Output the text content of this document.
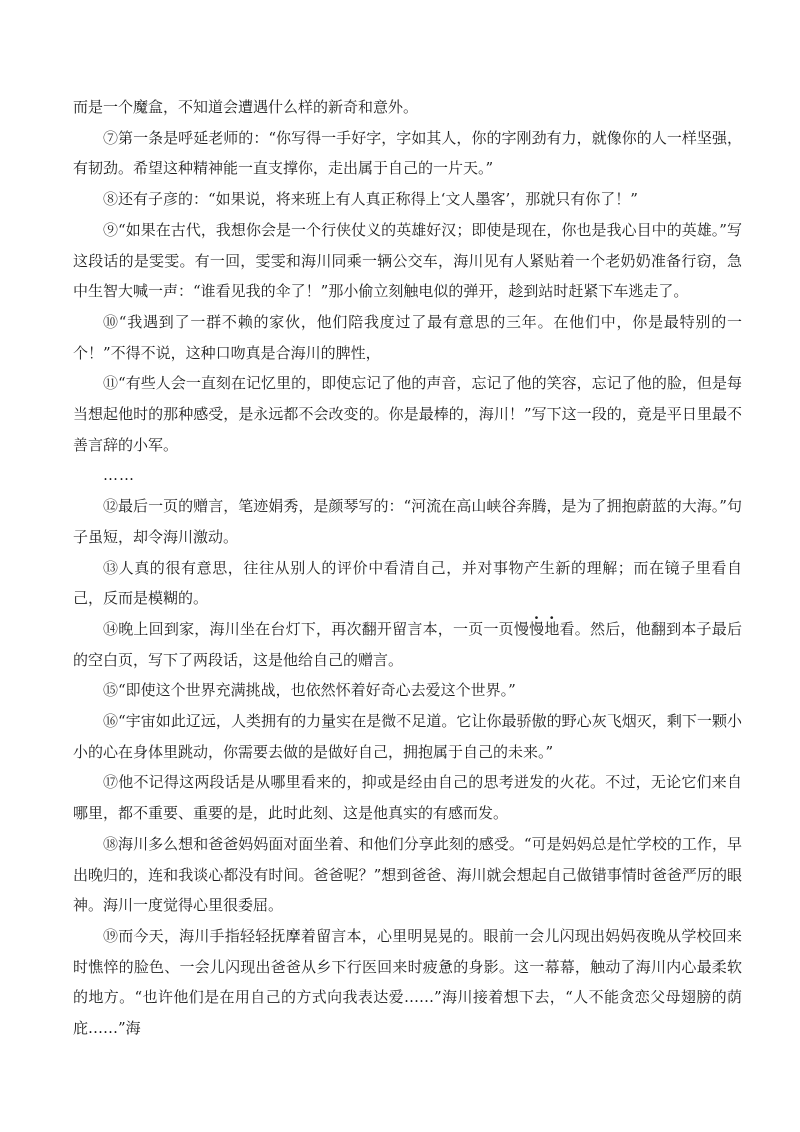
而是一个魔盒，不知道会遭遇什么样的新奇和意外。

⑦第一条是呼延老师的：“你写得一手好字，字如其人，你的字刚劲有力，就像你的人一样坚强，有韧劲。希望这种精神能一直支撑你，走出属于自己的一片天。”

⑧还有子彦的：“如果说，将来班上有人真正称得上‘文人墨客’，那就只有你了！”

⑨“如果在古代，我想你会是一个行侠仗义的英雄好汉；即使是现在，你也是我心目中的英雄。”写这段话的是雯雯。有一回，雯雯和海川同乘一辆公交车，海川见有人紧贴着一个老奶奶准备行窃，急中生智大喊一声：“谁看见我的伞了！”那小偷立刻触电似的弹开，趁到站时赶紧下车逃走了。

⑩“我遇到了一群不赖的家伙，他们陪我度过了最有意思的三年。在他们中，你是最特别的一个！”不得不说，这种口吻真是合海川的脾性，

⑪“有些人会一直刻在记忆里的，即使忘记了他的声音，忘记了他的笑容，忘记了他的脸，但是每当想起他时的那种感受，是永远都不会改变的。你是最棒的，海川！”写下这一段的，竟是平日里最不善言辞的小军。

……

⑫最后一页的赠言，笔迹娟秀，是颜琴写的：“河流在高山峡谷奔腾，是为了拥抱蔚蓝的大海。”句子虽短，却令海川激动。

⑬人真的很有意思，往往从别人的评价中看清自己，并对事物产生新的理解；而在镜子里看自己，反而是模糊的。

⑭晚上回到家，海川坐在台灯下，再次翻开留言本，一页一页慢慢地看。然后，他翻到本子最后的空白页，写下了两段话，这是他给自己的赠言。

⑮“即使这个世界充满挑战，也依然怀着好奇心去爱这个世界。”

⑯“宇宙如此辽远，人类拥有的力量实在是微不足道。它让你最骄傲的野心灰飞烟灭，剩下一颗小小的心在身体里跳动，你需要去做的是做好自己，拥抱属于自己的未来。”

⑰他不记得这两段话是从哪里看来的，抑或是经由自己的思考迸发的火花。不过，无论它们来自哪里，都不重要、重要的是，此时此刻、这是他真实的有感而发。

⑱海川多么想和爸爸妈妈面对面坐着、和他们分享此刻的感受。“可是妈妈总是忙学校的工作，早出晚归的，连和我谈心都没有时间。爸爸呢？”想到爸爸、海川就会想起自己做错事情时爸爸严厉的眼神。海川一度觉得心里很委屈。

⑲而今天，海川手指轻轻抚摩着留言本，心里明晃晃的。眼前一会儿闪现出妈妈夜晚从学校回来时憔悴的脸色、一会儿闪现出爸爸从乡下行医回来时疲惫的身影。这一幕幕，触动了海川内心最柔软的地方。“也许他们是在用自己的方式向我表达爱……”海川接着想下去，“人不能贪恋父母翅膀的荫庇……”海
